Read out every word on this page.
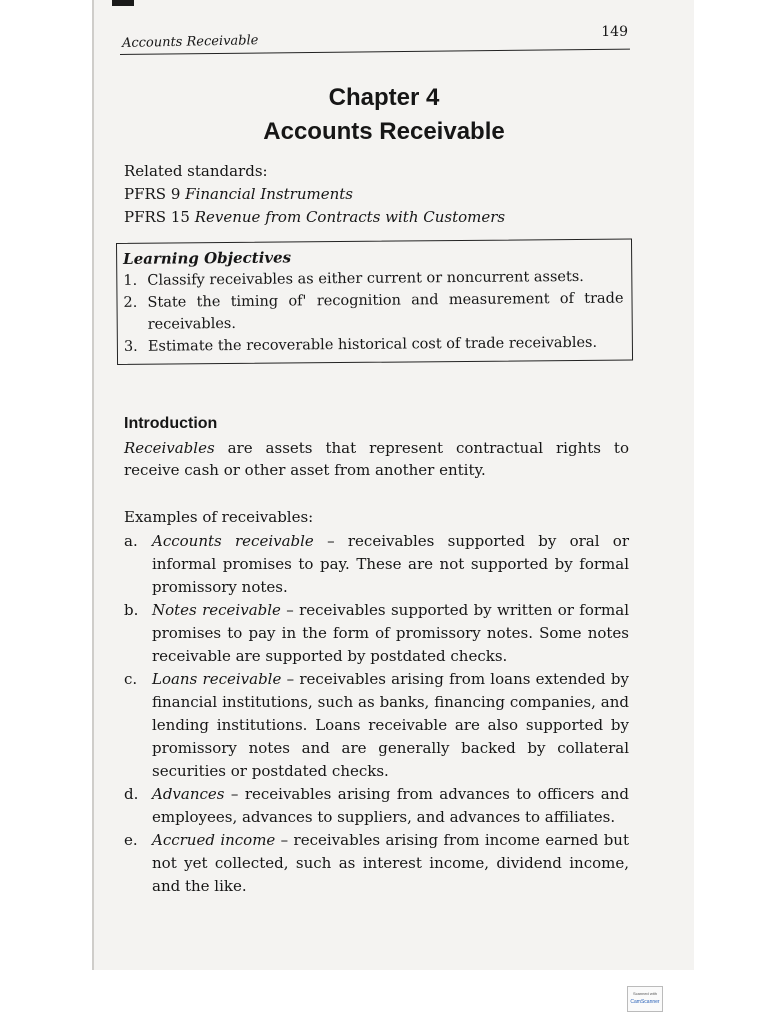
Accounts Receivable
149
Chapter 4
Accounts Receivable
Related standards:
PFRS 9 Financial Instruments
PFRS 15 Revenue from Contracts with Customers
Learning Objectives
1. Classify receivables as either current or noncurrent assets.
2. State the timing of' recognition and measurement of trade receivables.
3. Estimate the recoverable historical cost of trade receivables.
Introduction

Receivables are assets that represent contractual rights to receive cash or other asset from another entity.

Examples of receivables:
a. Accounts receivable – receivables supported by oral or informal promises to pay. These are not supported by formal promissory notes.
b. Notes receivable – receivables supported by written or formal promises to pay in the form of promissory notes. Some notes receivable are supported by postdated checks.
c. Loans receivable – receivables arising from loans extended by financial institutions, such as banks, financing companies, and lending institutions. Loans receivable are also supported by promissory notes and are generally backed by collateral securities or postdated checks.
d. Advances – receivables arising from advances to officers and employees, advances to suppliers, and advances to affiliates.
e. Accrued income – receivables arising from income earned but not yet collected, such as interest income, dividend income, and the like.
Scanned with
CamScanner
